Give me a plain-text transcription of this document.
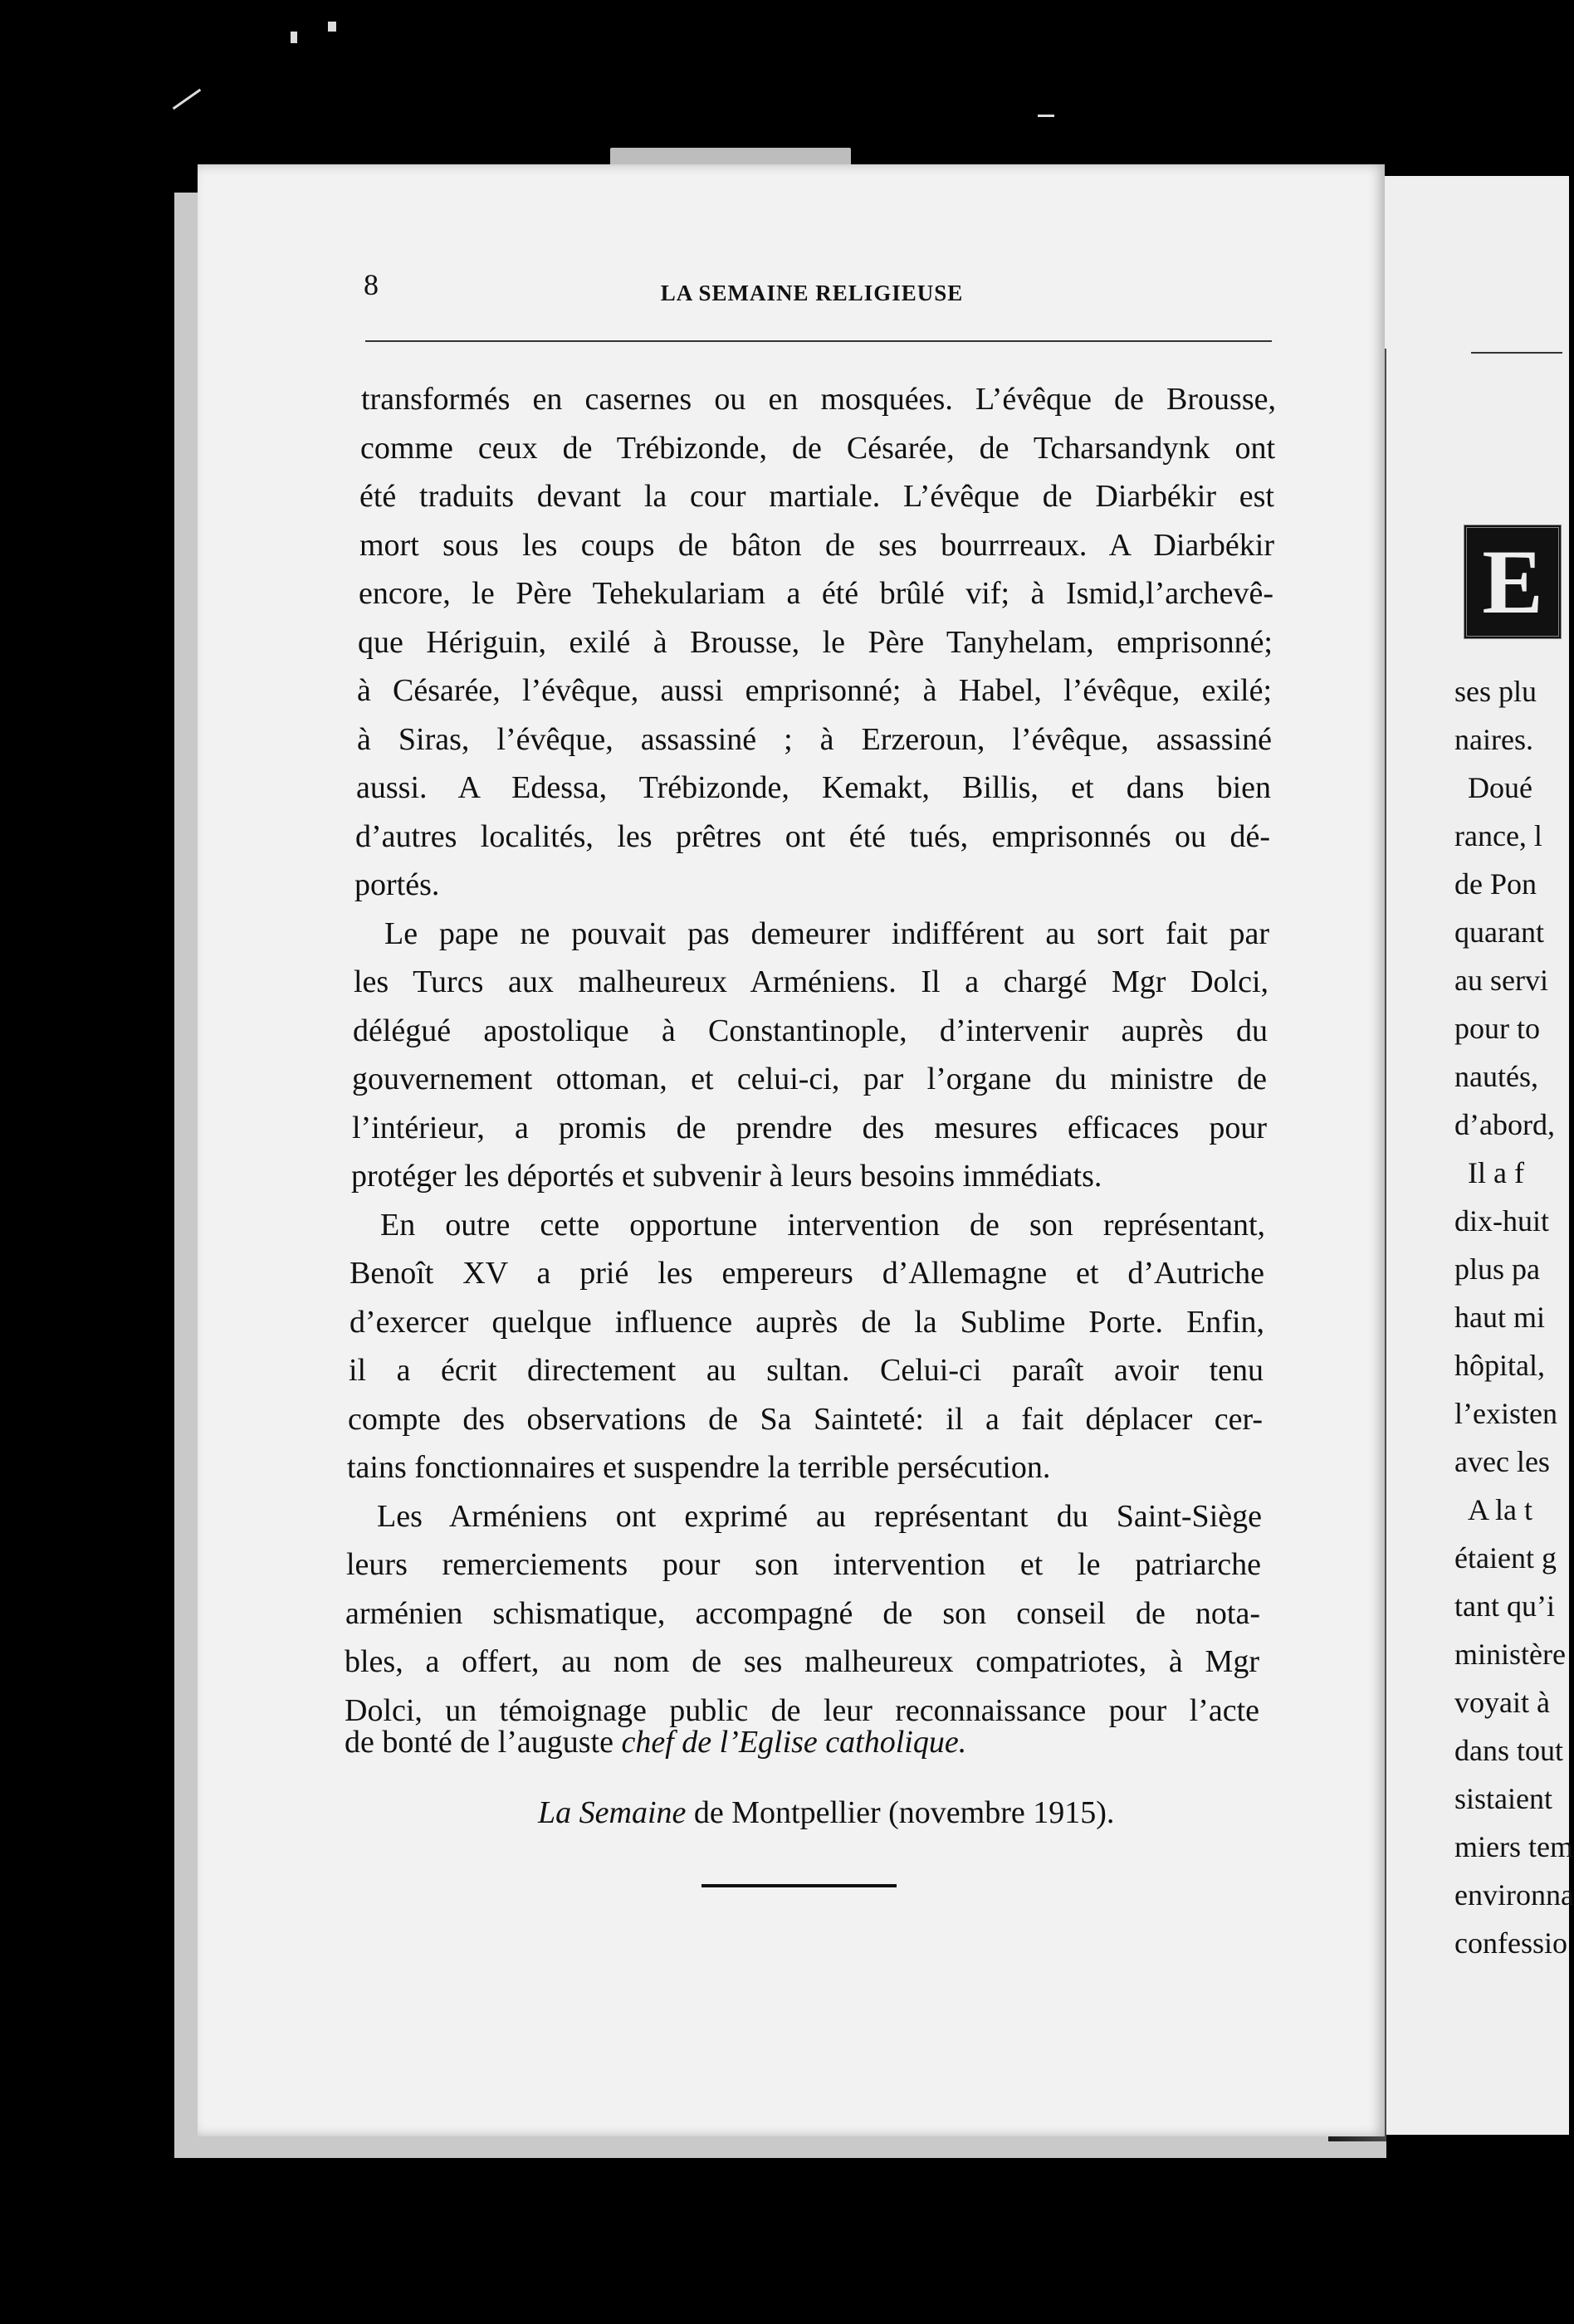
E
ses plu
naires.
Doué
rance, l
de Pon
quarant
au servi
pour to
nautés,
d’abord,
Il a f
dix-huit
plus pa
haut mi
hôpital,
l’existen
avec les
A la t
étaient g
tant qu’i
ministère
voyait à
dans tout
sistaient
miers tem
environna
confessio
8	LA SEMAINE RELIGIEUSE
transformés en casernes ou en mosquées. L’évêque de Brousse,
comme ceux de Trébizonde, de Césarée, de Tcharsandynk ont
été traduits devant la cour martiale. L’évêque de Diarbékir est
mort sous les coups de bâton de ses bourrreaux. A Diarbékir
encore, le Père Tehekulariam a été brûlé vif; à Ismid,l’archevê-
que Hériguin, exilé à Brousse, le Père Tanyhelam, emprisonné;
à Césarée, l’évêque, aussi emprisonné; à Habel, l’évêque, exilé;
à Siras, l’évêque, assassiné ; à Erzeroun, l’évêque, assassiné
aussi. A Edessa, Trébizonde, Kemakt, Billis, et dans bien
d’autres localités, les prêtres ont été tués, emprisonnés ou dé-
portés.
Le pape ne pouvait pas demeurer indifférent au sort fait par
les Turcs aux malheureux Arméniens. Il a chargé Mgr Dolci,
délégué apostolique à Constantinople, d’intervenir auprès du
gouvernement ottoman, et celui-ci, par l’organe du ministre de
l’intérieur, a promis de prendre des mesures efficaces pour
protéger les déportés et subvenir à leurs besoins immédiats.
En outre cette opportune intervention de son représentant,
Benoît XV a prié les empereurs d’Allemagne et d’Autriche
d’exercer quelque influence auprès de la Sublime Porte. Enfin,
il a écrit directement au sultan. Celui-ci paraît avoir tenu
compte des observations de Sa Sainteté: il a fait déplacer cer-
tains fonctionnaires et suspendre la terrible persécution.
Les Arméniens ont exprimé au représentant du Saint-Siège
leurs remerciements pour son intervention et le patriarche
arménien schismatique, accompagné de son conseil de nota-
bles, a offert, au nom de ses malheureux compatriotes, à Mgr
Dolci, un témoignage public de leur reconnaissance pour l’acte
de bonté de l’auguste chef de l’Eglise catholique.
La Semaine de Montpellier (novembre 1915).
